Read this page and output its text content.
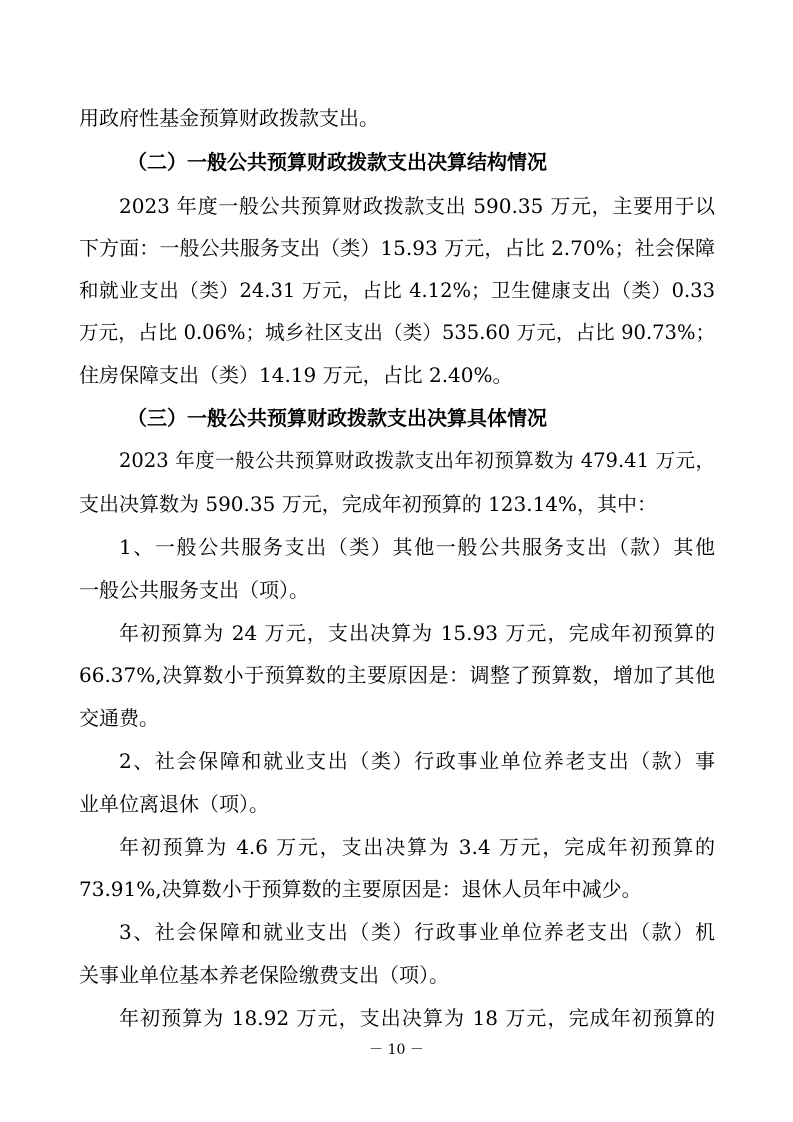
用政府性基金预算财政拨款支出。
（二）一般公共预算财政拨款支出决算结构情况
2023 年度一般公共预算财政拨款支出 590.35 万元，主要用于以
下方面：一般公共服务支出（类）15.93 万元，占比 2.70%；社会保障
和就业支出（类）24.31 万元，占比 4.12%；卫生健康支出（类）0.33
万元，占比 0.06%；城乡社区支出（类）535.60 万元，占比 90.73%；
住房保障支出（类）14.19 万元，占比 2.40%。
（三）一般公共预算财政拨款支出决算具体情况
2023 年度一般公共预算财政拨款支出年初预算数为 479.41 万元，
支出决算数为 590.35 万元，完成年初预算的 123.14%，其中：
1、一般公共服务支出（类）其他一般公共服务支出（款）其他
一般公共服务支出（项）。
年初预算为 24 万元，支出决算为 15.93 万元，完成年初预算的
66.37%,决算数小于预算数的主要原因是：调整了预算数，增加了其他
交通费。
2、社会保障和就业支出（类）行政事业单位养老支出（款）事
业单位离退休（项）。
年初预算为 4.6 万元，支出决算为 3.4 万元，完成年初预算的
73.91%,决算数小于预算数的主要原因是：退休人员年中减少。
3、社会保障和就业支出（类）行政事业单位养老支出（款）机
关事业单位基本养老保险缴费支出（项）。
年初预算为 18.92 万元，支出决算为 18 万元，完成年初预算的
－ 10 －
